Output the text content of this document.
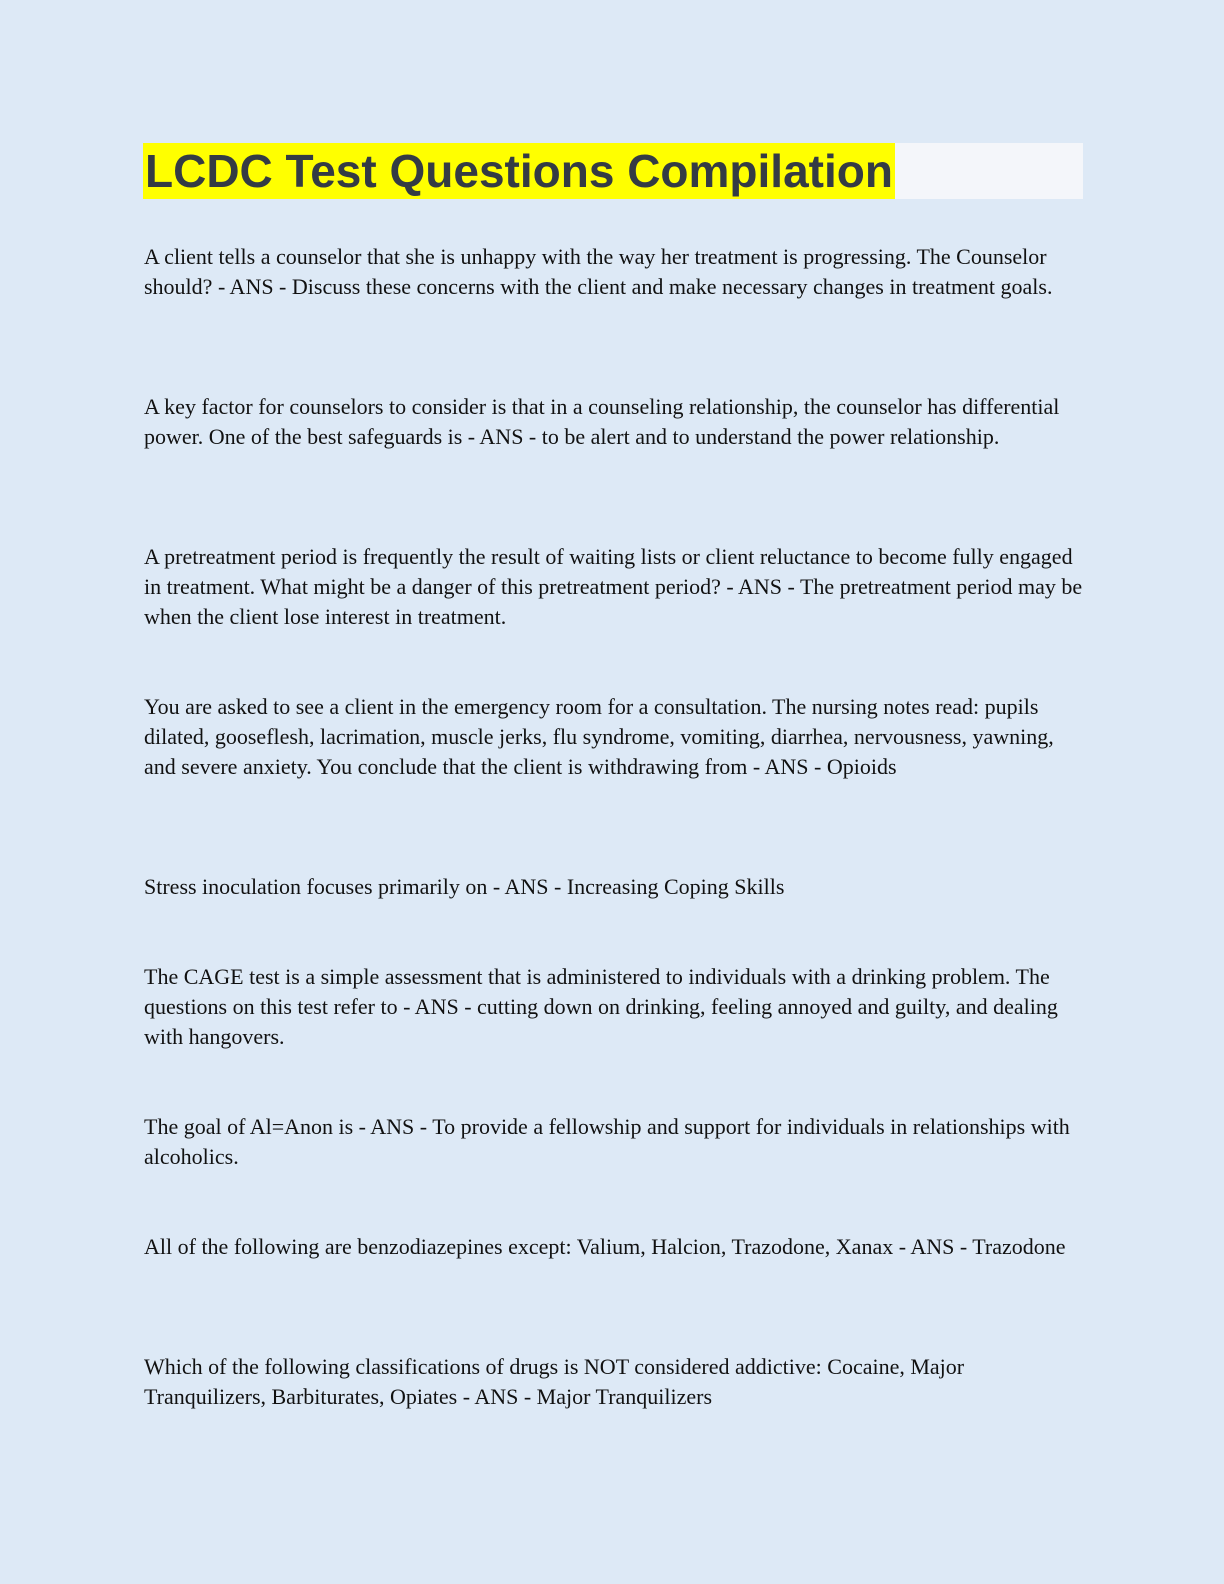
LCDC Test Questions Compilation

A client tells a counselor that she is unhappy with the way her treatment is progressing. The Counselor should? - ANS - Discuss these concerns with the client and make necessary changes in treatment goals.

A key factor for counselors to consider is that in a counseling relationship, the counselor has differential power. One of the best safeguards is - ANS - to be alert and to understand the power relationship.

A pretreatment period is frequently the result of waiting lists or client reluctance to become fully engaged in treatment. What might be a danger of this pretreatment period? - ANS - The pretreatment period may be when the client lose interest in treatment.

You are asked to see a client in the emergency room for a consultation. The nursing notes read: pupils dilated, gooseflesh, lacrimation, muscle jerks, flu syndrome, vomiting, diarrhea, nervousness, yawning, and severe anxiety. You conclude that the client is withdrawing from - ANS - Opioids

Stress inoculation focuses primarily on - ANS - Increasing Coping Skills

The CAGE test is a simple assessment that is administered to individuals with a drinking problem. The questions on this test refer to - ANS - cutting down on drinking, feeling annoyed and guilty, and dealing with hangovers.

The goal of Al=Anon is - ANS - To provide a fellowship and support for individuals in relationships with alcoholics.

All of the following are benzodiazepines except: Valium, Halcion, Trazodone, Xanax - ANS - Trazodone

Which of the following classifications of drugs is NOT considered addictive: Cocaine, Major Tranquilizers, Barbiturates, Opiates - ANS - Major Tranquilizers
